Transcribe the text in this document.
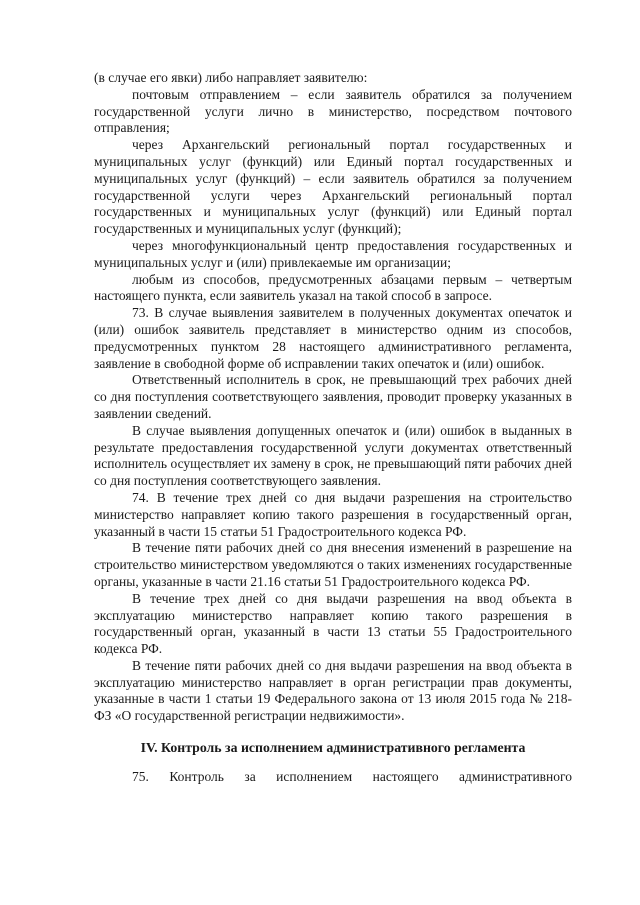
(в случае его явки) либо направляет заявителю:

почтовым отправлением – если заявитель обратился за получением государственной услуги лично в министерство, посредством почтового отправления;

через Архангельский региональный портал государственных и муниципальных услуг (функций) или Единый портал государственных и муниципальных услуг (функций) – если заявитель обратился за получением государственной услуги через Архангельский региональный портал государственных и муниципальных услуг (функций) или Единый портал государственных и муниципальных услуг (функций);

через многофункциональный центр предоставления государственных и муниципальных услуг и (или) привлекаемые им организации;

любым из способов, предусмотренных абзацами первым – четвертым настоящего пункта, если заявитель указал на такой способ в запросе.

73. В случае выявления заявителем в полученных документах опечаток и (или) ошибок заявитель представляет в министерство одним из способов, предусмотренных пунктом 28 настоящего административного регламента, заявление в свободной форме об исправлении таких опечаток и (или) ошибок.

Ответственный исполнитель в срок, не превышающий трех рабочих дней со дня поступления соответствующего заявления, проводит проверку указанных в заявлении сведений.

В случае выявления допущенных опечаток и (или) ошибок в выданных в результате предоставления государственной услуги документах ответственный исполнитель осуществляет их замену в срок, не превышающий пяти рабочих дней со дня поступления соответствующего заявления.

74. В течение трех дней со дня выдачи разрешения на строительство министерство направляет копию такого разрешения в государственный орган, указанный в части 15 статьи 51 Градостроительного кодекса РФ.

В течение пяти рабочих дней со дня внесения изменений в разрешение на строительство министерством уведомляются о таких изменениях государственные органы, указанные в части 21.16 статьи 51 Градостроительного кодекса РФ.

В течение трех дней со дня выдачи разрешения на ввод объекта в эксплуатацию министерство направляет копию такого разрешения в государственный орган, указанный в части 13 статьи 55 Градостроительного кодекса РФ.

В течение пяти рабочих дней со дня выдачи разрешения на ввод объекта в эксплуатацию министерство направляет в орган регистрации прав документы, указанные в части 1 статьи 19 Федерального закона от 13 июля 2015 года № 218-ФЗ «О государственной регистрации недвижимости».

IV. Контроль за исполнением административного регламента

75. Контроль за исполнением настоящего административного
